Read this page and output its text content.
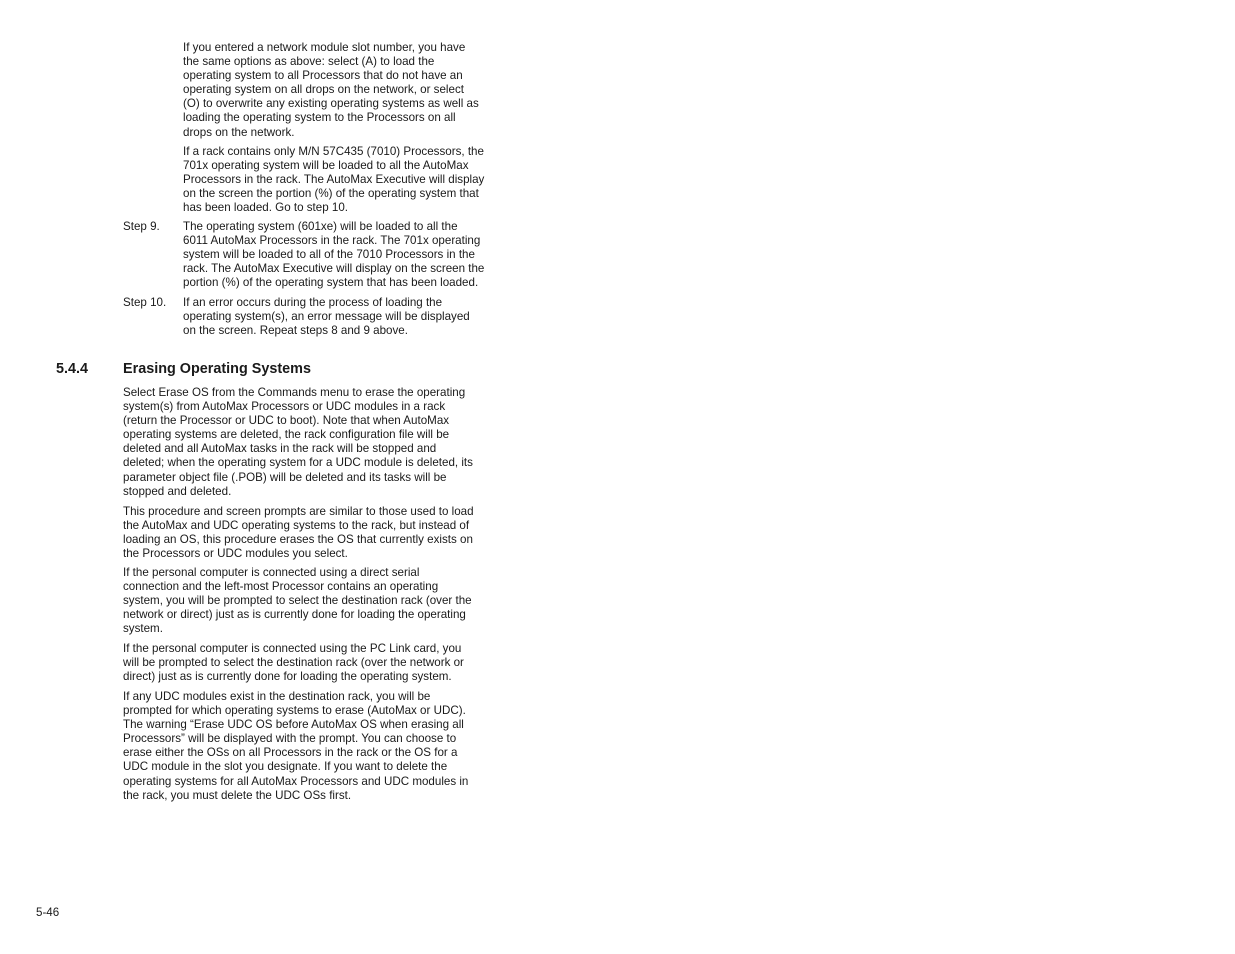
If you entered a network module slot number, you have
the same options as above: select (A) to load the
operating system to all Processors that do not have an
operating system on all drops on the network, or select
(O) to overwrite any existing operating systems as well as
loading the operating system to the Processors on all
drops on the network.

If a rack contains only M/N 57C435 (7010) Processors, the
701x operating system will be loaded to all the AutoMax
Processors in the rack. The AutoMax Executive will display
on the screen the portion (%) of the operating system that
has been loaded. Go to step 10.

Step 9. The operating system (601xe) will be loaded to all the
6011 AutoMax Processors in the rack. The 701x operating
system will be loaded to all of the 7010 Processors in the
rack. The AutoMax Executive will display on the screen the
portion (%) of the operating system that has been loaded.

Step 10. If an error occurs during the process of loading the
operating system(s), an error message will be displayed
on the screen. Repeat steps 8 and 9 above.

5.4.4 Erasing Operating Systems

Select Erase OS from the Commands menu to erase the operating
system(s) from AutoMax Processors or UDC modules in a rack
(return the Processor or UDC to boot). Note that when AutoMax
operating systems are deleted, the rack configuration file will be
deleted and all AutoMax tasks in the rack will be stopped and
deleted; when the operating system for a UDC module is deleted, its
parameter object file (.POB) will be deleted and its tasks will be
stopped and deleted.

This procedure and screen prompts are similar to those used to load
the AutoMax and UDC operating systems to the rack, but instead of
loading an OS, this procedure erases the OS that currently exists on
the Processors or UDC modules you select.

If the personal computer is connected using a direct serial
connection and the left-most Processor contains an operating
system, you will be prompted to select the destination rack (over the
network or direct) just as is currently done for loading the operating
system.

If the personal computer is connected using the PC Link card, you
will be prompted to select the destination rack (over the network or
direct) just as is currently done for loading the operating system.

If any UDC modules exist in the destination rack, you will be
prompted for which operating systems to erase (AutoMax or UDC).
The warning “Erase UDC OS before AutoMax OS when erasing all
Processors” will be displayed with the prompt. You can choose to
erase either the OSs on all Processors in the rack or the OS for a
UDC module in the slot you designate. If you want to delete the
operating systems for all AutoMax Processors and UDC modules in
the rack, you must delete the UDC OSs first.

5-46
